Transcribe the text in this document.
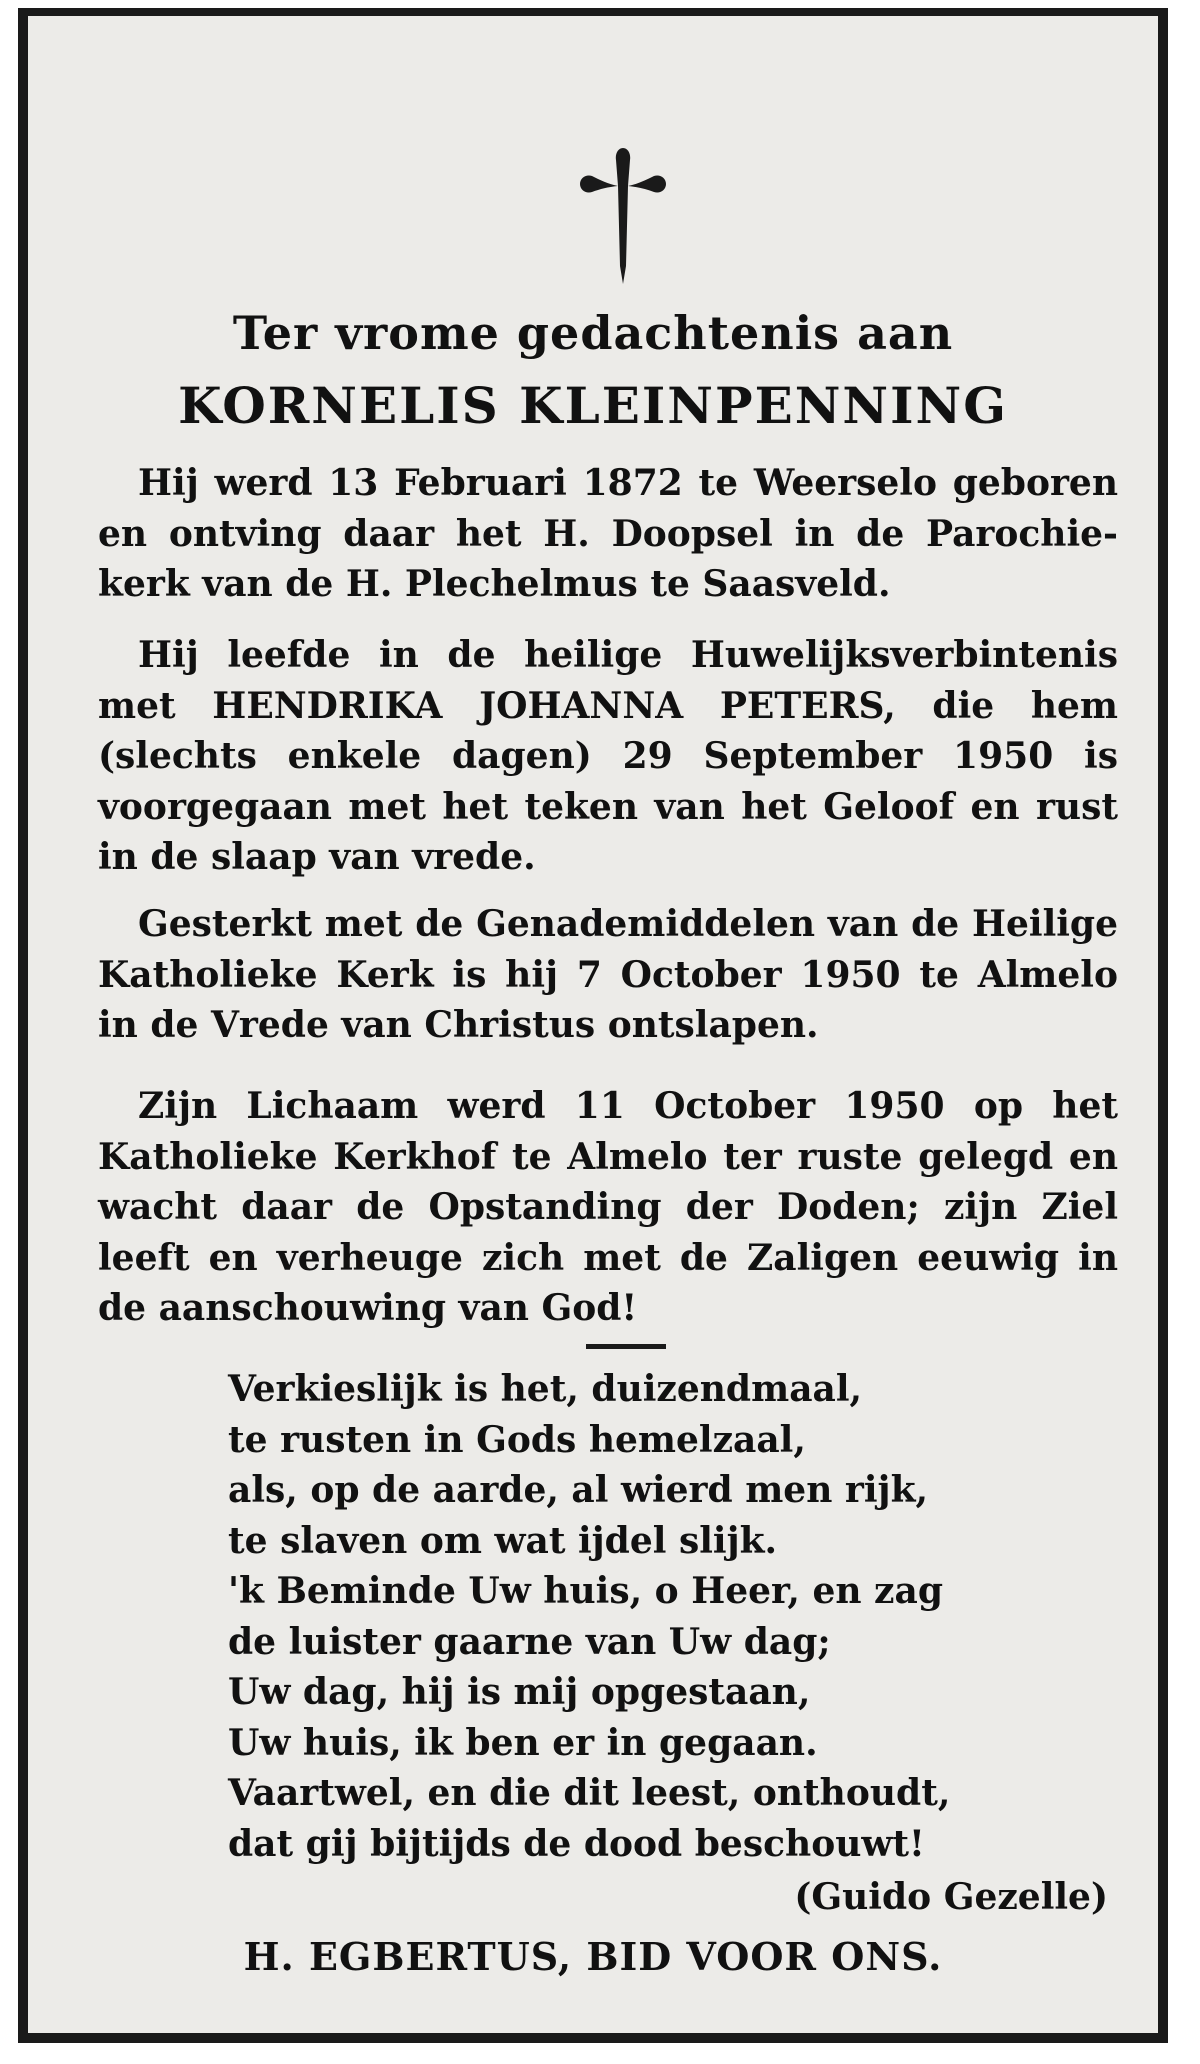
Ter vrome gedachtenis aan
KORNELIS KLEINPENNING

Hij werd 13 Februari 1872 te Weerselo geboren en ontving daar het H. Doopsel in de Parochie-kerk van de H. Plechelmus te Saasveld.

Hij leefde in de heilige Huwelijksverbintenis met HENDRIKA JOHANNA PETERS, die hem (slechts enkele dagen) 29 September 1950 is voorgegaan met het teken van het Geloof en rust in de slaap van vrede.

Gesterkt met de Genademiddelen van de Heilige Katholieke Kerk is hij 7 October 1950 te Almelo in de Vrede van Christus ontslapen.

Zijn Lichaam werd 11 October 1950 op het Katholieke Kerkhof te Almelo ter ruste gelegd en wacht daar de Opstanding der Doden; zijn Ziel leeft en verheuge zich met de Zaligen eeuwig in de aanschouwing van God!

Verkieslijk is het, duizendmaal,
te rusten in Gods hemelzaal,
als, op de aarde, al wierd men rijk,
te slaven om wat ijdel slijk.
'k Beminde Uw huis, o Heer, en zag
de luister gaarne van Uw dag;
Uw dag, hij is mij opgestaan,
Uw huis, ik ben er in gegaan.
Vaartwel, en die dit leest, onthoudt,
dat gij bijtijds de dood beschouwt!
(Guido Gezelle)
H. EGBERTUS, BID VOOR ONS.
